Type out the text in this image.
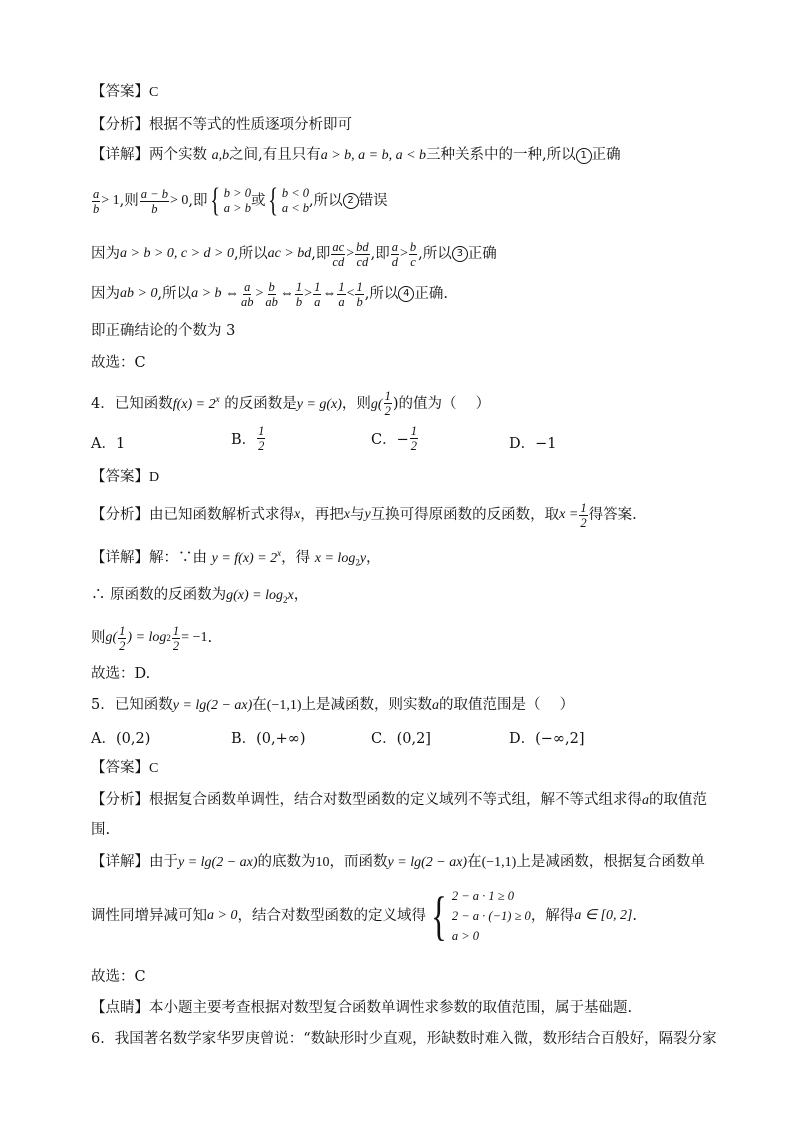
【答案】C
【分析】根据不等式的性质逐项分析即可
【详解】两个实数 a,b之间,有且只有a > b, a = b, a < b三种关系中的一种,所以 1 正确
$\frac{a}{b} > 1$ ,则 $\frac{a - b}{b} > 0$ ,即 { b > 0
a > b 或 { b < 0
a < b ,所以 2 错误
因为 a > b > 0, c > d > 0 ,所以 ac > bd ,即 $\frac{ac}{cd} > \frac{bd}{cd}$ ,即 $\frac{a}{d} > \frac{b}{c}$ ,所以 3 正确
因为 ab > 0 ,所以 a > b ⇔ $\frac{a}{ab} > \frac{b}{ab}$ ⇔ $\frac{1}{b} > \frac{1}{a}$ ⇔ $\frac{1}{a} < \frac{1}{b}$ ,所以 4 正确.
即正确结论的个数为 3
故选：C
4．已知函数$f(x) = 2^x$ 的反函数是y = g(x)，则$g( \frac{1}{2}$ )的值为（　 ）
A．1	B． $\frac{1}{2}$	C．− $\frac{1}{2}$	D．−1
【答案】D
【分析】 由已知函数解析式求得 x ，再把 x 与 y 互换可得原函数的反函数，取 $x = \frac{1}{2}$ 得答案.
【详解】解：∵由 $y = f(x) = 2^x$，得 $x = \log_2y$，
∴ 原函数的反函数为$g(x) = \log_2x$，
则 $g( \frac{1}{2}$ ) = $\log 2 \frac{1}{2} = -1$ .
故选：D.
5．已知函数y = lg(2 − ax)在(−1,1)上是减函数，则实数a的取值范围是（　 ）
A．(0,2)	B．(0,+∞)	C．(0,2]	D．(−∞,2]
【答案】C
【分析】根据复合函数单调性，结合对数型函数的定义域列不等式组，解不等式组求得a的取值范
围.
【详解】由于y = lg(2 − ax)的底数为10，而函数y = lg(2 − ax)在(−1,1)上是减函数，根据复合函数单
调性同增异减可知 a > 0 ，结合对数型函数的定义域得 { 2 − a · 1 ≥ 0
2 − a · (−1) ≥ 0
a > 0
，解得 a ∈ [0, 2] .
故选：C
【点睛】本小题主要考查根据对数型复合函数单调性求参数的取值范围，属于基础题.
6．我国著名数学家华罗庚曾说：“数缺形时少直观，形缺数时难入微，数形结合百般好，隔裂分家
